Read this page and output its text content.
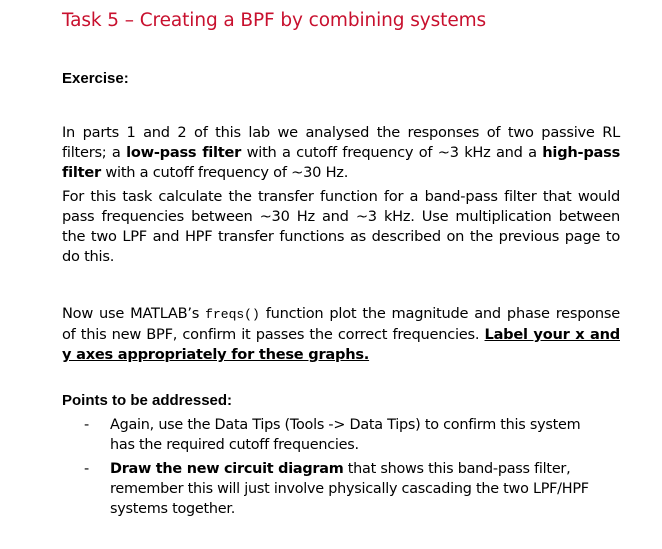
Task 5 – Creating a BPF by combining systems
Exercise:

In parts 1 and 2 of this lab we analysed the responses of two passive RL filters; a low-pass filter with a cutoff frequency of ~3 kHz and a high-pass filter with a cutoff frequency of ~30 Hz.

For this task calculate the transfer function for a band-pass filter that would pass frequencies between ~30 Hz and ~3 kHz. Use multiplication between the two LPF and HPF transfer functions as described on the previous page to do this.

Now use MATLAB’s freqs() function plot the magnitude and phase response of this new BPF, confirm it passes the correct frequencies. Label your x and y axes appropriately for these graphs.

Points to be addressed:
- Again, use the Data Tips (Tools -> Data Tips) to confirm this system has the required cutoff frequencies.
- Draw the new circuit diagram that shows this band-pass filter, remember this will just involve physically cascading the two LPF/HPF systems together.
